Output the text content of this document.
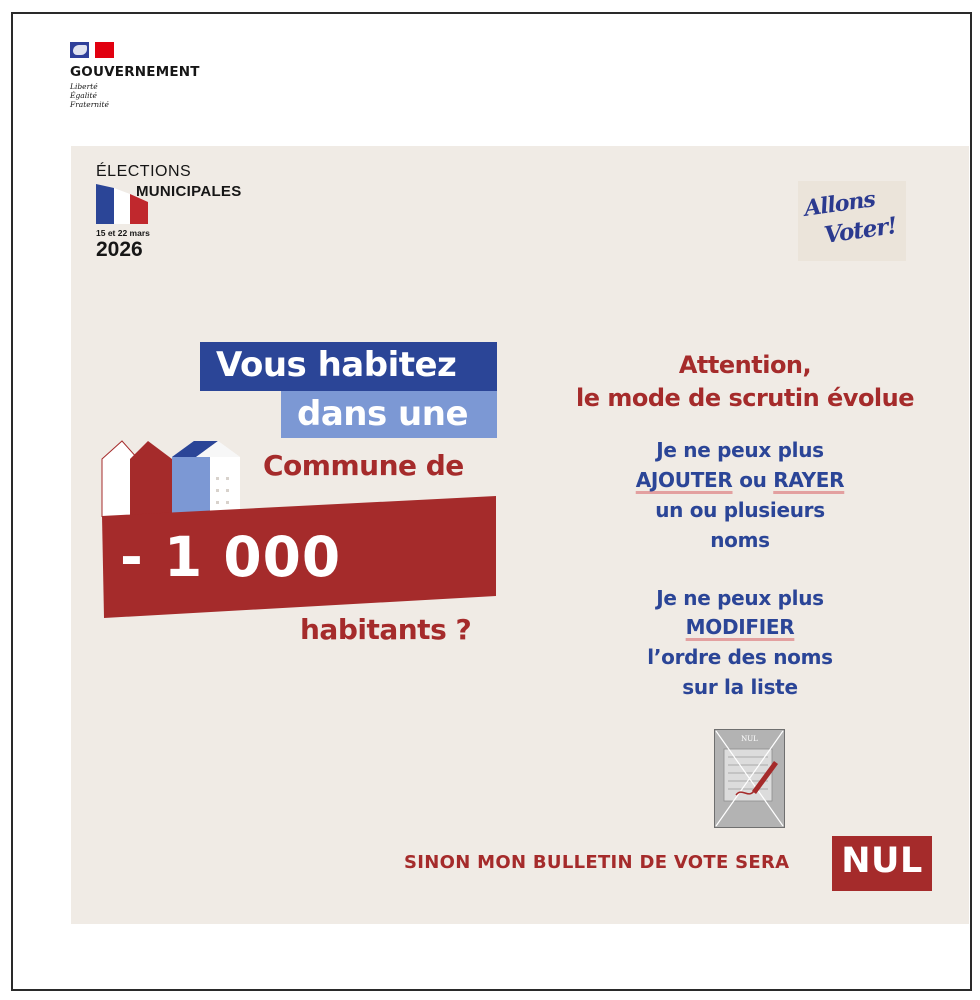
GOUVERNEMENT
Liberté
Égalité
Fraternité
ÉLECTIONS
MUNICIPALES
15 et 22 mars
2026
Allons
Voter!
Vous habitez
dans une
Commune de
- 1 000
habitants ?
Attention,
le mode de scrutin évolue
Je ne peux plus
AJOUTER ou RAYER
un ou plusieurs
noms
Je ne peux plus
MODIFIER
l’ordre des noms
sur la liste
NUL
SINON MON BULLETIN DE VOTE SERA NUL
